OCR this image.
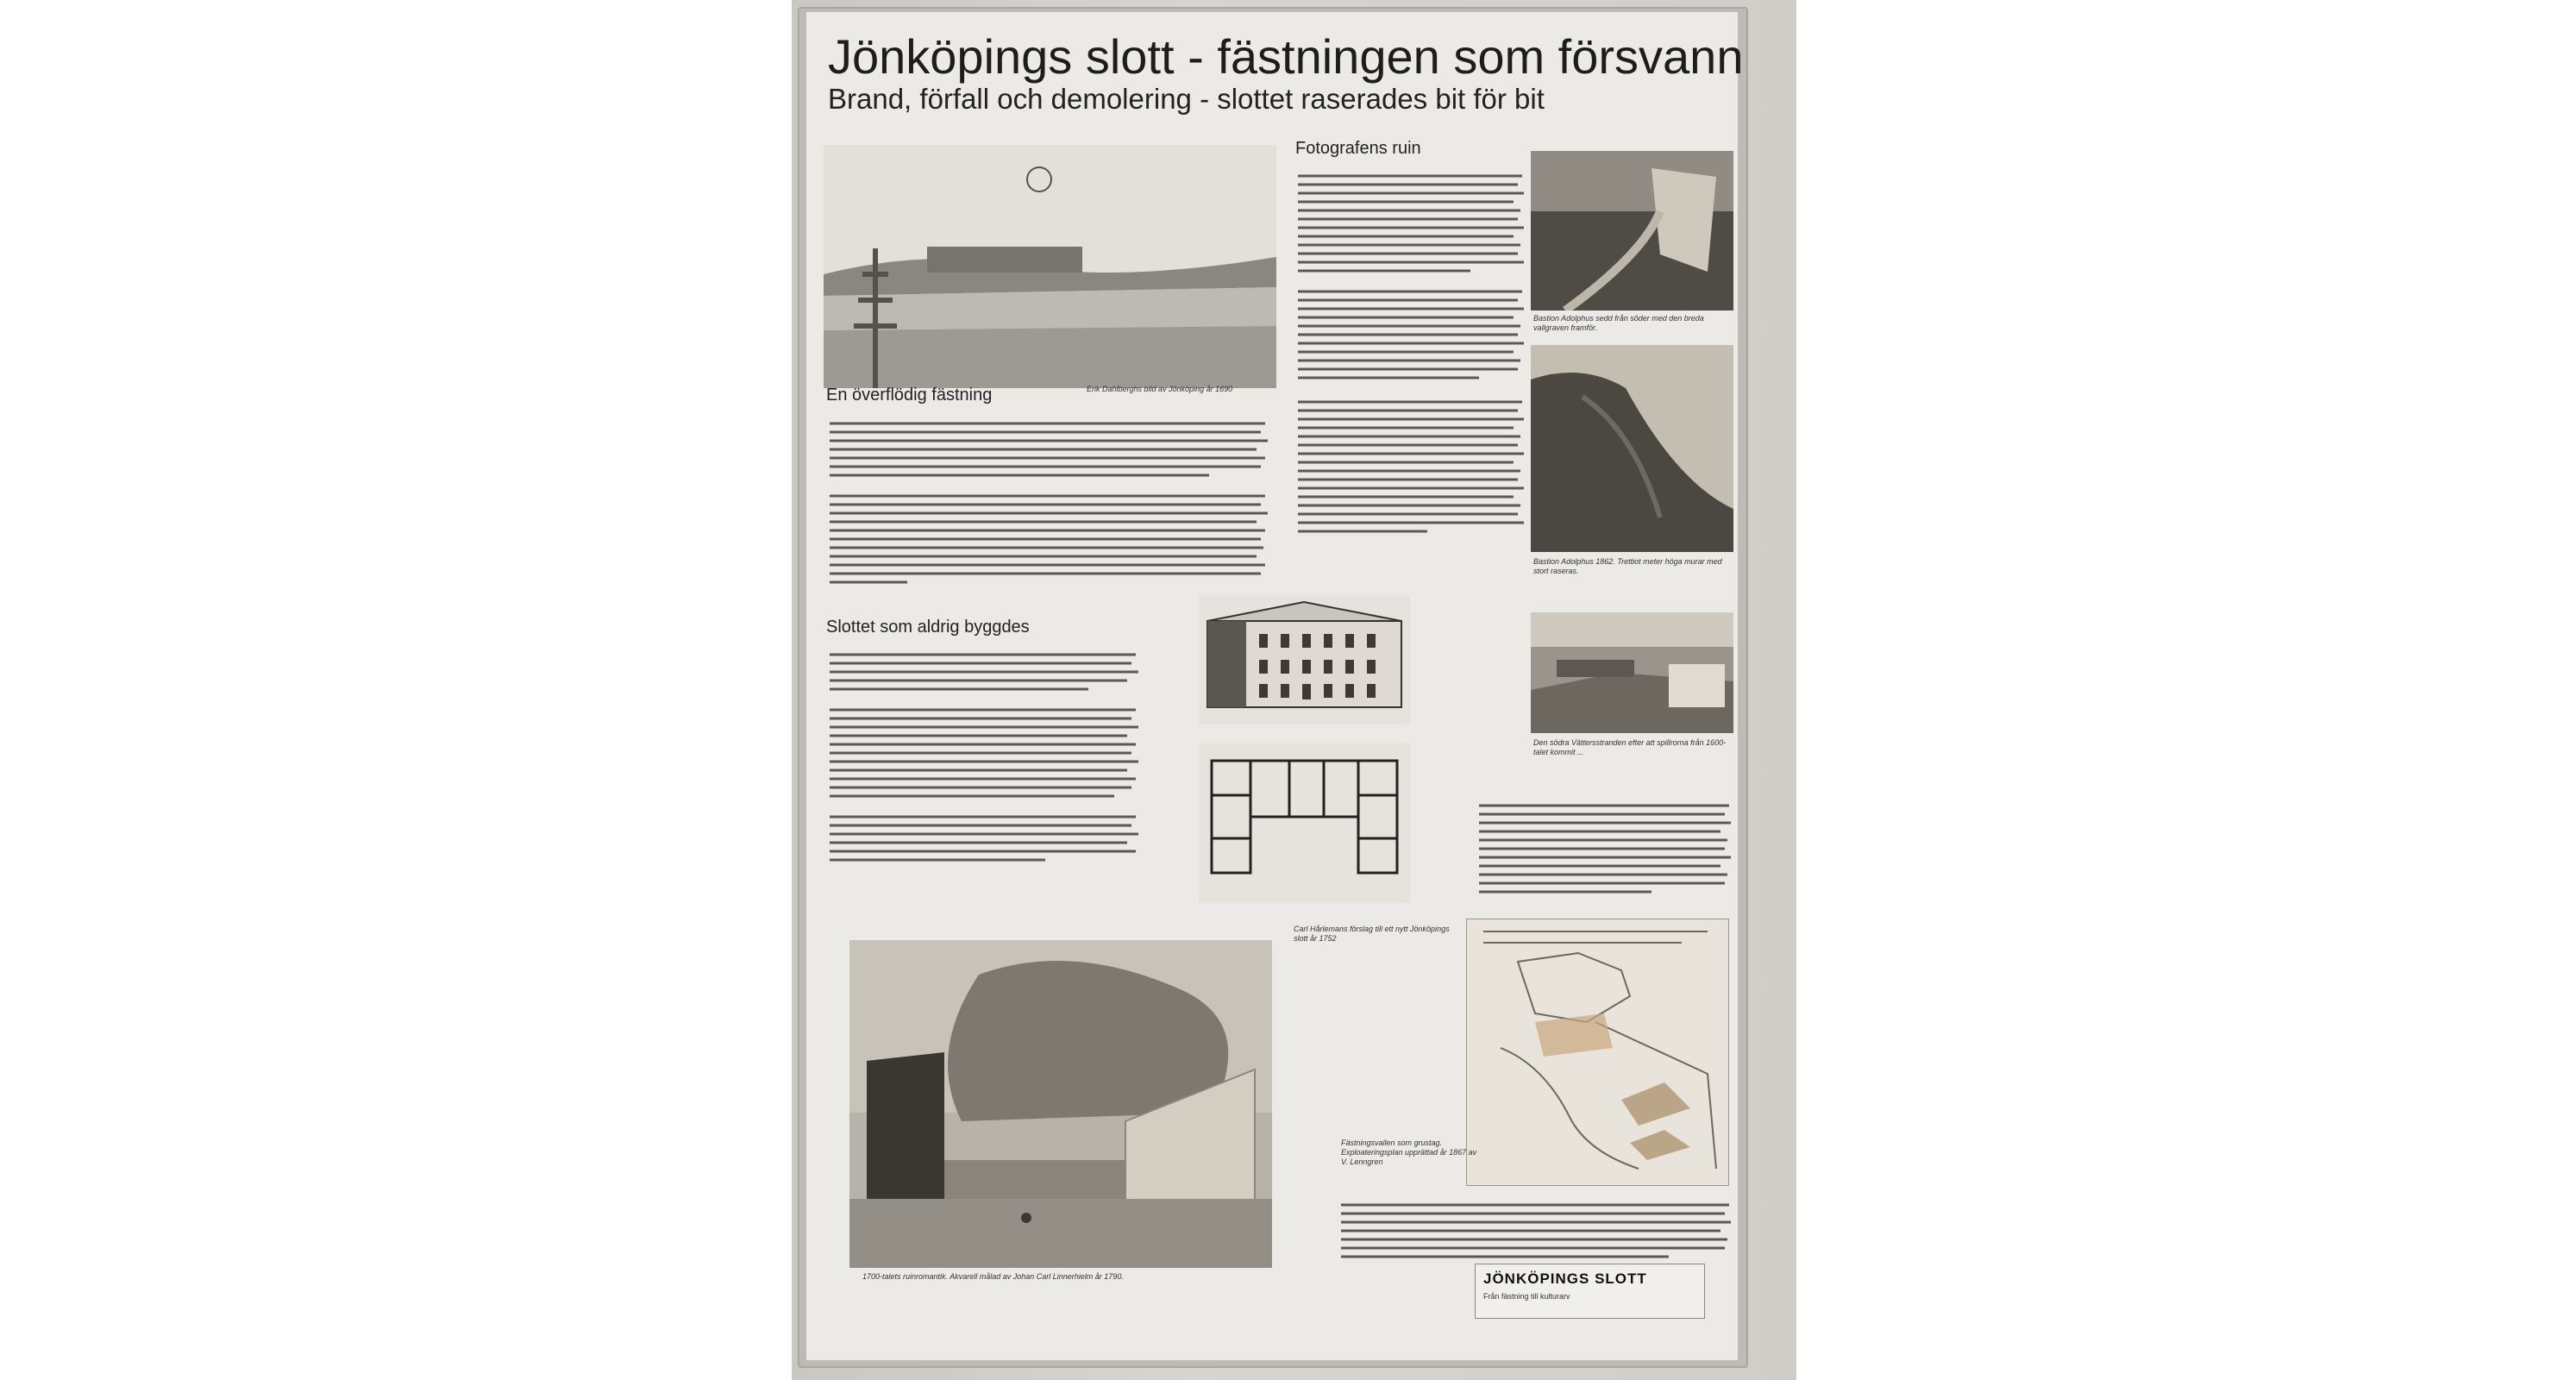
Jönköpings slott - fästningen som försvann
Brand, förfall och demolering - slottet raserades bit för bit
Erik Dahlberghs bild av Jönköping år 1690
En överflödig fästning
Slottet som aldrig byggdes
Carl Hårlemans förslag till ett nytt Jönköpings slott år 1752
1700-talets ruinromantik. Akvarell målad av Johan Carl Linnerhielm år 1790.
Fotografens ruin
Bastion Adolphus sedd från söder med den breda vallgraven framför.
Bastion Adolphus 1862. Trettiot meter höga murar med stort raseras.
Den södra Vättersstranden efter att spillrorna från 1600-talet kommit ...
Fästningsvallen som grustag. Exploateringsplan upprättad år 1867 av V. Lenngren
JÖNKÖPINGS SLOTT
Från fästning till kulturarv
